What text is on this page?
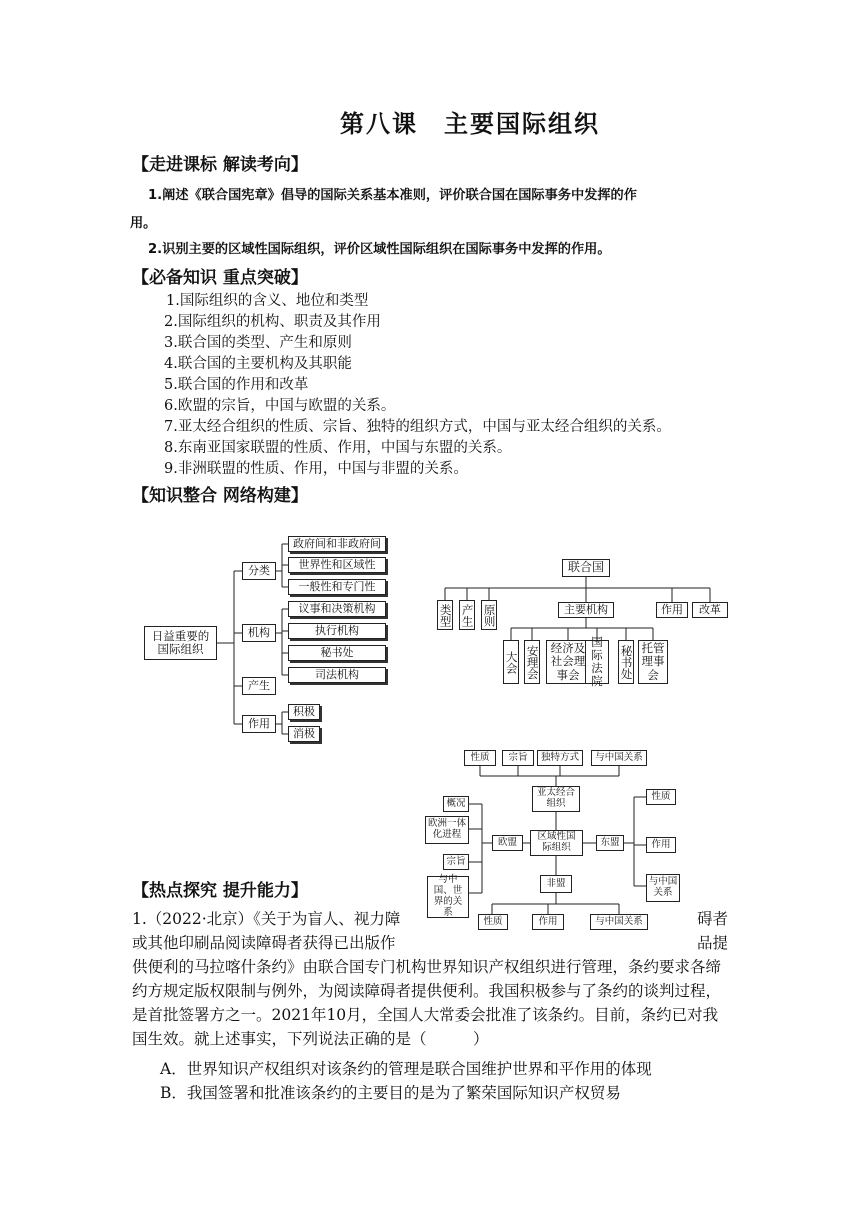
第八课　主要国际组织
【走进课标 解读考向】
1.阐述《联合国宪章》倡导的国际关系基本准则，评价联合国在国际事务中发挥的作
用。
2.识别主要的区域性国际组织，评价区域性国际组织在国际事务中发挥的作用。
【必备知识 重点突破】
1.国际组织的含义、地位和类型
2.国际组织的机构、职责及其作用
3.联合国的类型、产生和原则
4.联合国的主要机构及其职能
5.联合国的作用和改革
6.欧盟的宗旨，中国与欧盟的关系。
7.亚太经合组织的性质、宗旨、独特的组织方式，中国与亚太经合组织的关系。
8.东南亚国家联盟的性质、作用，中国与东盟的关系。
9.非洲联盟的性质、作用，中国与非盟的关系。
【知识整合 网络构建】
日益重要的国际组织
分类
机构
产生
作用
政府间和非政府间
世界性和区域性
一般性和专门性
议事和决策机构
执行机构
秘书处
司法机构
积极
消极
联合国
类型 产生 原则	主要机构	作用	改革
大会 安理会 经济及社会理事会
国际法院
秘书处 托管理事会
性质	宗旨	独特方式	与中国关系
亚太经合组织
区域性国际组织
欧盟	东盟
非盟
概况
欧洲一体化进程
宗旨
与中国、世界的关系
性质
作用
与中国关系
性质	作用	与中国关系
【热点探究 提升能力】
1.（2022·北京）《关于为盲人、视力障	碍者
或其他印刷品阅读障碍者获得已出版作	品提
供便利的马拉喀什条约》由联合国专门机构世界知识产权组织进行管理，条约要求各缔
约方规定版权限制与例外，为阅读障碍者提供便利。我国积极参与了条约的谈判过程，
是首批签署方之一。2021年10月，全国人大常委会批准了该条约。目前，条约已对我
国生效。就上述事实，下列说法正确的是（　　　）
A．世界知识产权组织对该条约的管理是联合国维护世界和平作用的体现
B．我国签署和批准该条约的主要目的是为了繁荣国际知识产权贸易
